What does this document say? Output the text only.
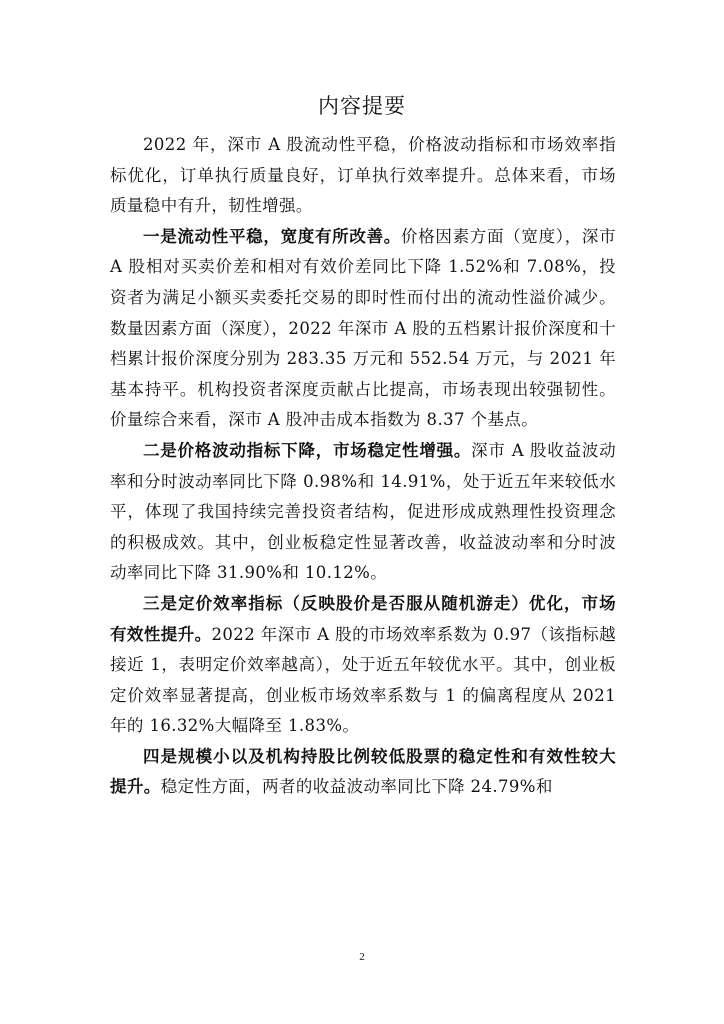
内容提要

2022 年，深市 A 股流动性平稳，价格波动指标和市场效率指标优化，订单执行质量良好，订单执行效率提升。总体来看，市场质量稳中有升，韧性增强。

一是流动性平稳，宽度有所改善。价格因素方面（宽度），深市 A 股相对买卖价差和相对有效价差同比下降 1.52%和 7.08%，投资者为满足小额买卖委托交易的即时性而付出的流动性溢价减少。数量因素方面（深度），2022 年深市 A 股的五档累计报价深度和十档累计报价深度分别为 283.35 万元和 552.54 万元，与 2021 年基本持平。机构投资者深度贡献占比提高，市场表现出较强韧性。价量综合来看，深市 A 股冲击成本指数为 8.37 个基点。

二是价格波动指标下降，市场稳定性增强。深市 A 股收益波动率和分时波动率同比下降 0.98%和 14.91%，处于近五年来较低水平，体现了我国持续完善投资者结构，促进形成成熟理性投资理念的积极成效。其中，创业板稳定性显著改善，收益波动率和分时波动率同比下降 31.90%和 10.12%。

三是定价效率指标（反映股价是否服从随机游走）优化，市场有效性提升。2022 年深市 A 股的市场效率系数为 0.97（该指标越接近 1，表明定价效率越高），处于近五年较优水平。其中，创业板定价效率显著提高，创业板市场效率系数与 1 的偏离程度从 2021 年的 16.32%大幅降至 1.83%。

四是规模小以及机构持股比例较低股票的稳定性和有效性较大提升。稳定性方面，两者的收益波动率同比下降 24.79%和

2
